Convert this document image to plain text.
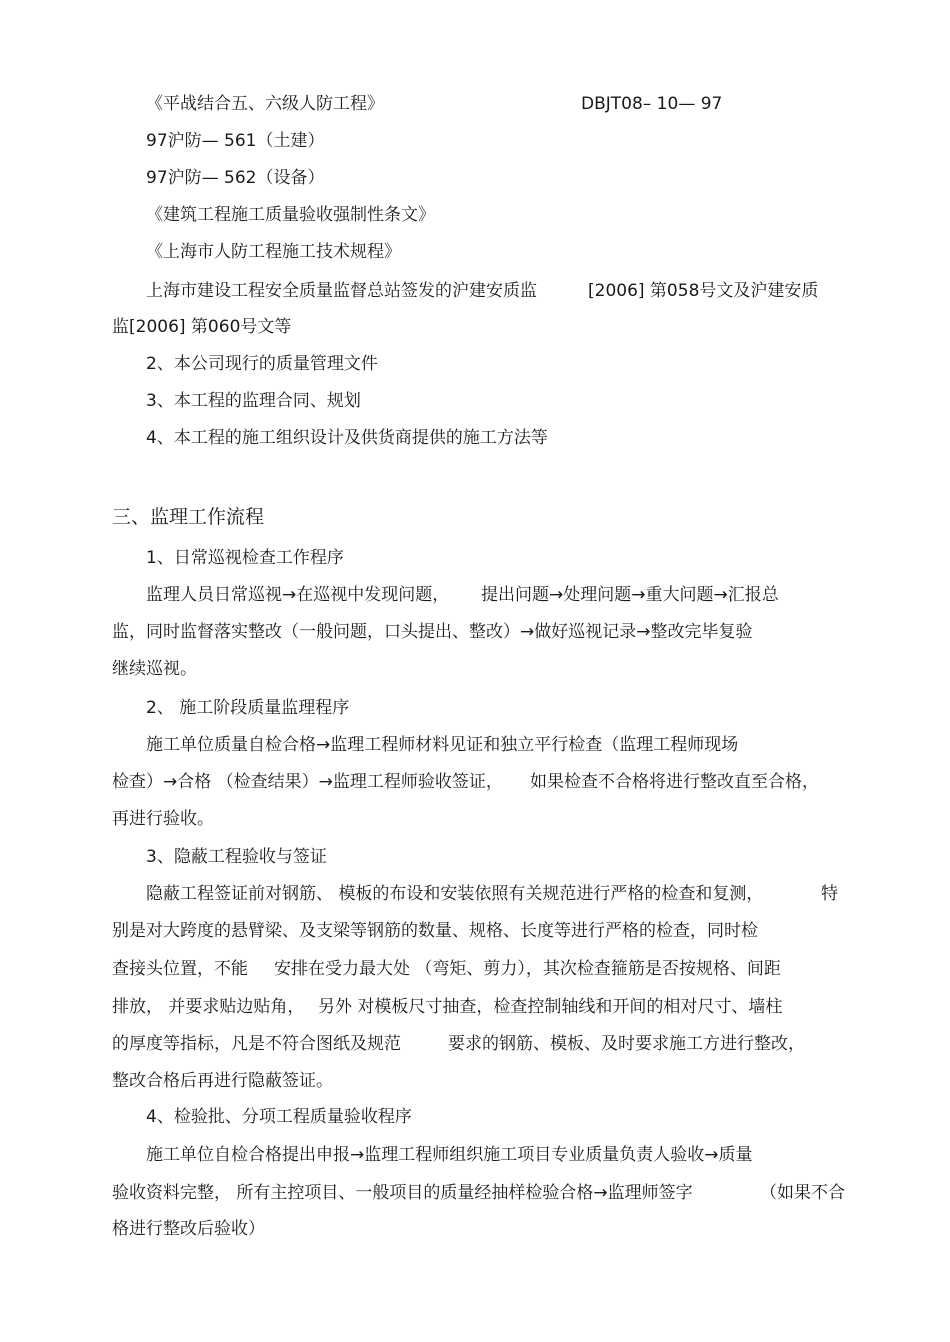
《平战结合五、六级人防工程》	DBJT08– 10— 97
97沪防— 561（土建）
97沪防— 562（设备）
《建筑工程施工质量验收强制性条文》
《上海市人防工程施工技术规程》
上海市建设工程安全质量监督总站签发的沪建安质监	[2006] 第058号文及沪建安质
监[2006] 第060号文等
2、本公司现行的质量管理文件
3、本工程的监理合同、规划
4、本工程的施工组织设计及供货商提供的施工方法等
三、监理工作流程
1、日常巡视检查工作程序
监理人员日常巡视→在巡视中发现问题， 提出问题→处理问题→重大问题→汇报总
监，同时监督落实整改（一般问题，口头提出、整改）→做好巡视记录→整改完毕复验
继续巡视。
2、 施工阶段质量监理程序
施工单位质量自检合格→监理工程师材料见证和独立平行检查（监理工程师现场
检查）→合格 （检查结果）→监理工程师验收签证， 如果检查不合格将进行整改直至合格，
再进行验收。
3、隐蔽工程验收与签证
隐蔽工程签证前对钢筋、 模板的布设和安装依照有关规范进行严格的检查和复测，	特
别是对大跨度的悬臂梁、及支梁等钢筋的数量、规格、长度等进行严格的检查，同时检
查接头位置，不能 安排在受力最大处 （弯矩、剪力），其次检查箍筋是否按规格、间距
排放， 并要求贴边贴角， 另外 对模板尺寸抽查，检查控制轴线和开间的相对尺寸、墙柱
的厚度等指标，凡是不符合图纸及规范	要求的钢筋、模板、及时要求施工方进行整改，
整改合格后再进行隐蔽签证。
4、检验批、分项工程质量验收程序
施工单位自检合格提出申报→监理工程师组织施工项目专业质量负责人验收→质量
验收资料完整， 所有主控项目、一般项目的质量经抽样检验合格→监理师签字	（如果不合
格进行整改后验收）
